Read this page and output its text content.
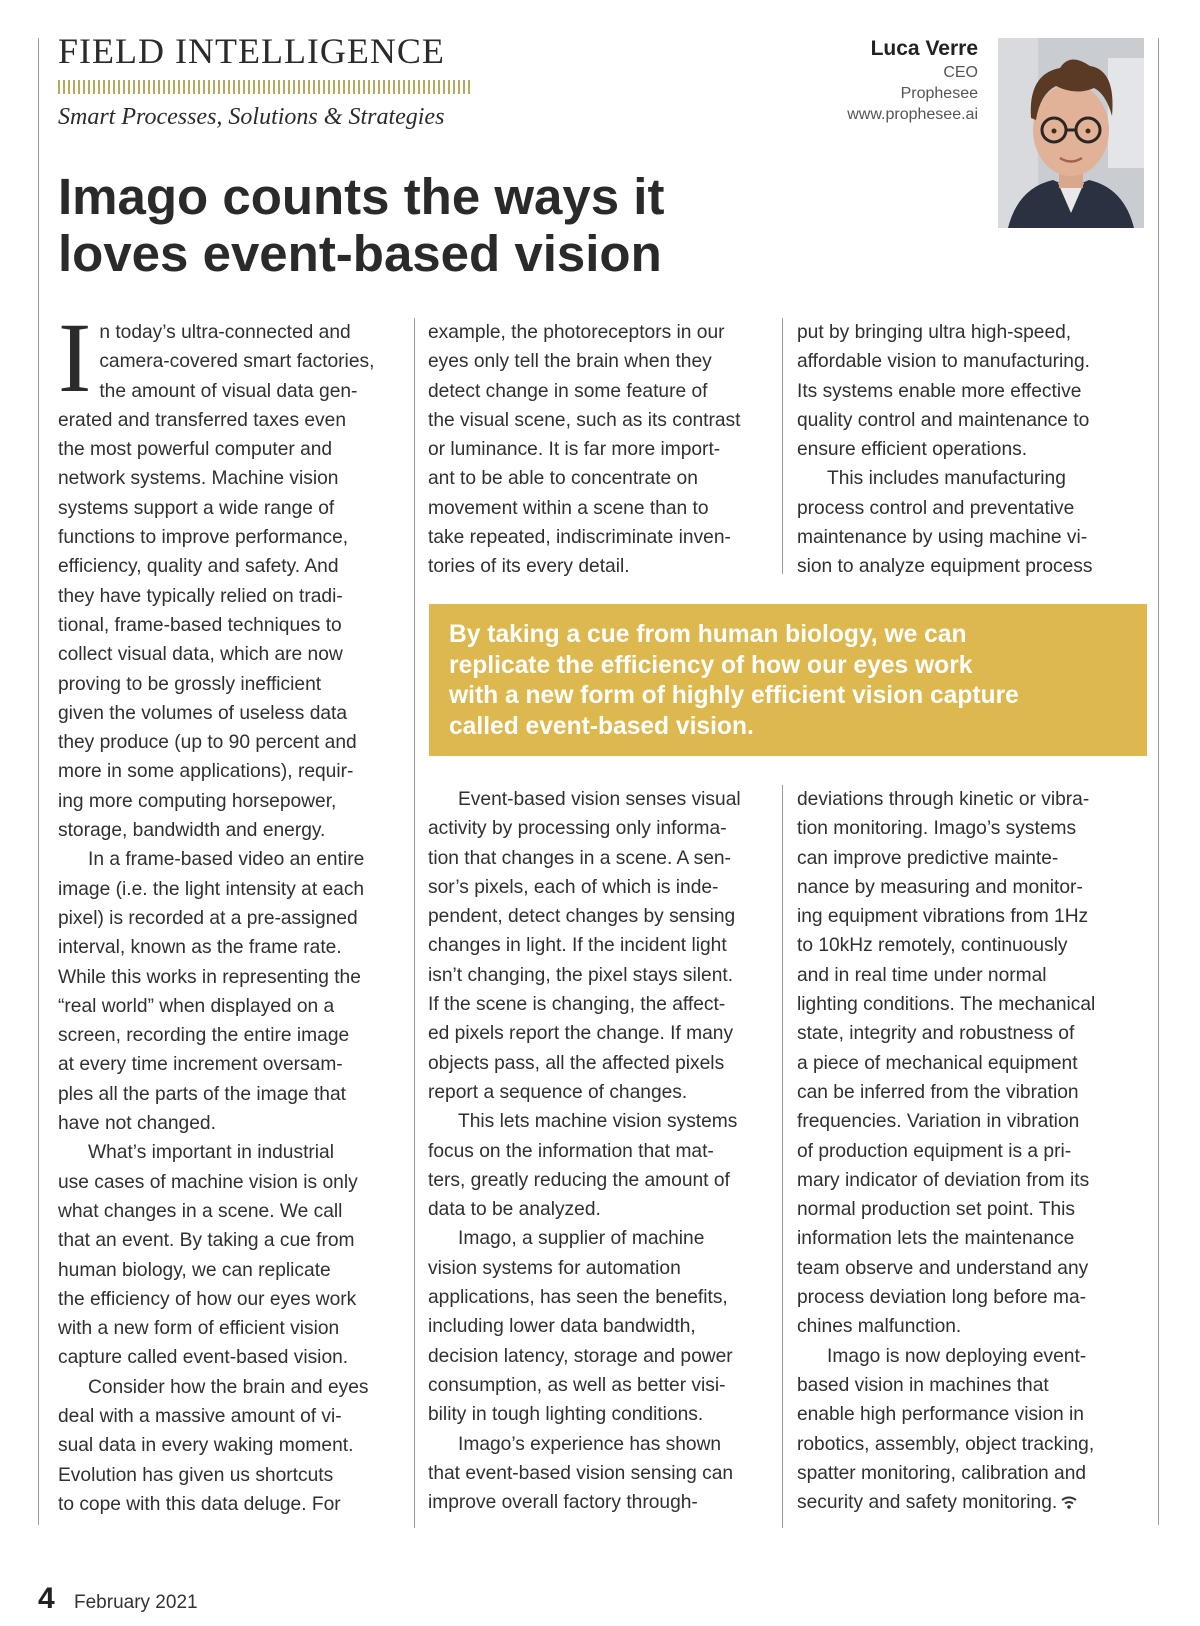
FIELD INTELLIGENCE
Smart Processes, Solutions & Strategies
Luca Verre
CEO
Prophesee
www.prophesee.ai
Imago counts the ways it
loves event-based vision
I n today’s ultra-connected and

camera-covered smart factories,

the amount of visual data gen-

erated and transferred taxes even

the most powerful computer and

network systems. Machine vision

systems support a wide range of

functions to improve performance,

efficiency, quality and safety. And

they have typically relied on tradi-

tional, frame-based techniques to

collect visual data, which are now

proving to be grossly inefficient

given the volumes of useless data

they produce (up to 90 percent and

more in some applications), requir-

ing more computing horsepower,

storage, bandwidth and energy.

In a frame-based video an entire

image (i.e. the light intensity at each

pixel) is recorded at a pre-assigned

interval, known as the frame rate.

While this works in representing the

“real world” when displayed on a

screen, recording the entire image

at every time increment oversam-

ples all the parts of the image that

have not changed.

What’s important in industrial

use cases of machine vision is only

what changes in a scene. We call

that an event. By taking a cue from

human biology, we can replicate

the efficiency of how our eyes work

with a new form of efficient vision

capture called event-based vision.

Consider how the brain and eyes

deal with a massive amount of vi-

sual data in every waking moment.

Evolution has given us shortcuts

to cope with this data deluge. For

example, the photoreceptors in our

eyes only tell the brain when they

detect change in some feature of

the visual scene, such as its contrast

or luminance. It is far more import-

ant to be able to concentrate on

movement within a scene than to

take repeated, indiscriminate inven-

tories of its every detail.

put by bringing ultra high-speed,

affordable vision to manufacturing.

Its systems enable more effective

quality control and maintenance to

ensure efficient operations.

This includes manufacturing

process control and preventative

maintenance by using machine vi-

sion to analyze equipment process

By taking a cue from human biology, we can
replicate the efficiency of how our eyes work
with a new form of highly efficient vision capture
called event-based vision.

Event-based vision senses visual

activity by processing only informa-

tion that changes in a scene. A sen-

sor’s pixels, each of which is inde-

pendent, detect changes by sensing

changes in light. If the incident light

isn’t changing, the pixel stays silent.

If the scene is changing, the affect-

ed pixels report the change. If many

objects pass, all the affected pixels

report a sequence of changes.

This lets machine vision systems

focus on the information that mat-

ters, greatly reducing the amount of

data to be analyzed.

Imago, a supplier of machine

vision systems for automation

applications, has seen the benefits,

including lower data bandwidth,

decision latency, storage and power

consumption, as well as better visi-

bility in tough lighting conditions.

Imago’s experience has shown

that event-based vision sensing can

improve overall factory through-

deviations through kinetic or vibra-

tion monitoring. Imago’s systems

can improve predictive mainte-

nance by measuring and monitor-

ing equipment vibrations from 1Hz

to 10kHz remotely, continuously

and in real time under normal

lighting conditions. The mechanical

state, integrity and robustness of

a piece of mechanical equipment

can be inferred from the vibration

frequencies. Variation in vibration

of production equipment is a pri-

mary indicator of deviation from its

normal production set point. This

information lets the maintenance

team observe and understand any

process deviation long before ma-

chines malfunction.

Imago is now deploying event-

based vision in machines that

enable high performance vision in

robotics, assembly, object tracking,

spatter monitoring, calibration and

security and safety monitoring.

4 February 2021
